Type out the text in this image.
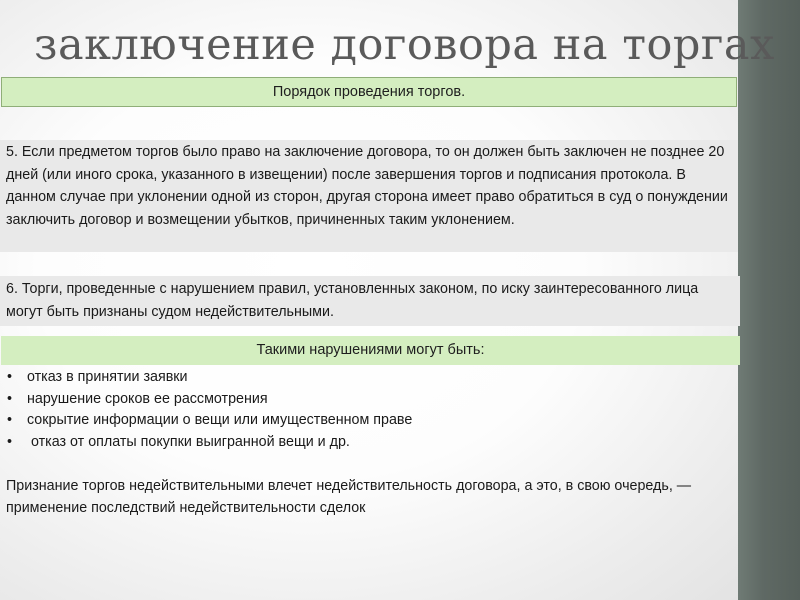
заключение договора на торгах
Порядок проведения торгов.
5. Если предметом торгов было право на заключение договора, то он должен быть заключен не позднее 20 дней (или иного срока, указанного в извещении) после завершения торгов и подписания протокола. В данном случае при уклонении одной из сторон, другая сторона имеет право обратиться в суд о понуждении заключить договор и возмещении убытков, причиненных таким уклонением.
6. Торги, проведенные с нарушением правил, установленных законом, по иску заинтересованного лица могут быть признаны судом недействительными.
Такими нарушениями могут быть:
• отказ в принятии заявки
• нарушение сроков ее рассмотрения
• сокрытие информации о вещи или имущественном праве
• отказ от оплаты покупки выигранной вещи и др.

Признание торгов недействительными влечет недействительность договора, а это, в свою очередь, — применение последствий недействительности сделок
